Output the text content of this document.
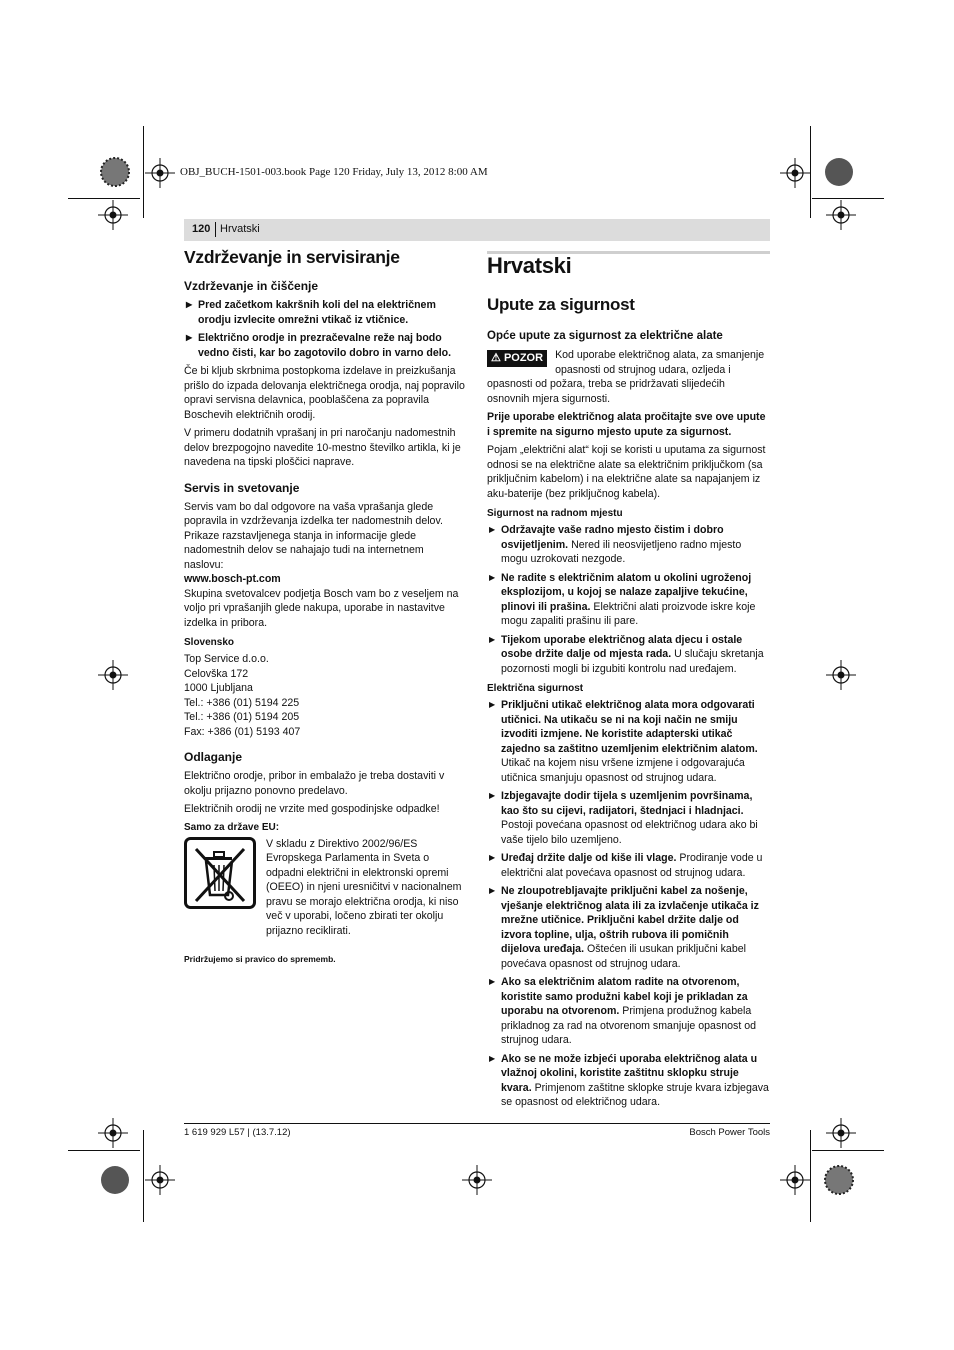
OBJ_BUCH-1501-003.book Page 120 Friday, July 13, 2012 8:00 AM
120 Hrvatski
Vzdrževanje in servisiranje
Vzdrževanje in čiščenje
▶ Pred začetkom kakršnih koli del na električnem orodju izvlecite omrežni vtikač iz vtičnice.
▶ Električno orodje in prezračevalne reže naj bodo vedno čisti, kar bo zagotovilo dobro in varno delo.

Če bi kljub skrbnima postopkoma izdelave in preizkušanja prišlo do izpada delovanja električnega orodja, naj popravilo opravi servisna delavnica, pooblaščena za popravila Boschevih električnih orodij.

V primeru dodatnih vprašanj in pri naročanju nadomestnih delov brezpogojno navedite 10-mestno številko artikla, ki je navedena na tipski ploščici naprave.

Servis in svetovanje

Servis vam bo dal odgovore na vaša vprašanja glede popravila in vzdrževanja izdelka ter nadomestnih delov. Prikaze razstavljenega stanja in informacije glede nadomestnih delov se nahajajo tudi na internetnem naslovu:

www.bosch-pt.com

Skupina svetovalcev podjetja Bosch vam bo z veseljem na voljo pri vprašanjih glede nakupa, uporabe in nastavitve izdelka in pribora.

Slovensko
Top Service d.o.o.
Celovška 172
1000 Ljubljana
Tel.: +386 (01) 5194 225
Tel.: +386 (01) 5194 205
Fax: +386 (01) 5193 407
Odlaganje

Električno orodje, pribor in embalažo je treba dostaviti v okolju prijazno ponovno predelavo.

Električnih orodij ne vrzite med gospodinjske odpadke!

Samo za države EU:
V skladu z Direktivo 2002/96/ES Evropskega Parlamenta in Sveta o odpadni električni in elektronski opremi (OEEO) in njeni uresničitvi v nacionalnem pravu se morajo električna orodja, ki niso več v uporabi, ločeno zbirati ter okolju prijazno reciklirati.
Pridržujemo si pravico do sprememb.
Hrvatski
Upute za sigurnost
Opće upute za sigurnost za električne alate
⚠ POZOR	Kod uporabe električnog alata, za smanjenje opasnosti od strujnog udara, ozljeda i opasnosti od požara, treba se pridržavati slijedećih osnovnih mjera sigurnosti.

Prije uporabe električnog alata pročitajte sve ove upute i spremite na sigurno mjesto upute za sigurnost.

Pojam „električni alat“ koji se koristi u uputama za sigurnost odnosi se na električne alate sa električnim priključkom (sa priključnim kabelom) i na električne alate sa napajanjem iz aku-baterije (bez priključnog kabela).

Sigurnost na radnom mjestu
▶ Održavajte vaše radno mjesto čistim i dobro osvijetljenim. Nered ili neosvijetljeno radno mjesto mogu uzrokovati nezgode.
▶ Ne radite s električnim alatom u okolini ugroženoj eksplozijom, u kojoj se nalaze zapaljive tekućine, plinovi ili prašina. Električni alati proizvode iskre koje mogu zapaliti prašinu ili pare.
▶ Tijekom uporabe električnog alata djecu i ostale osobe držite dalje od mjesta rada. U slučaju skretanja pozornosti mogli bi izgubiti kontrolu nad uređajem.
Električna sigurnost
▶ Priključni utikač električnog alata mora odgovarati utičnici. Na utikaču se ni na koji način ne smiju izvoditi izmjene. Ne koristite adapterski utikač zajedno sa zaštitno uzemljenim električnim alatom. Utikač na kojem nisu vršene izmjene i odgovarajuća utičnica smanjuju opasnost od strujnog udara.
▶ Izbjegavajte dodir tijela s uzemljenim površinama, kao što su cijevi, radijatori, štednjaci i hladnjaci. Postoji povećana opasnost od električnog udara ako bi vaše tijelo bilo uzemljeno.
▶ Uređaj držite dalje od kiše ili vlage. Prodiranje vode u električni alat povećava opasnost od strujnog udara.
▶ Ne zloupotrebljavajte priključni kabel za nošenje, vješanje električnog alata ili za izvlačenje utikača iz mrežne utičnice. Priključni kabel držite dalje od izvora topline, ulja, oštrih rubova ili pomičnih dijelova uređaja. Oštećen ili usukan priključni kabel povećava opasnost od strujnog udara.
▶ Ako sa električnim alatom radite na otvorenom, koristite samo produžni kabel koji je prikladan za uporabu na otvorenom. Primjena produžnog kabela prikladnog za rad na otvorenom smanjuje opasnost od strujnog udara.
▶ Ako se ne može izbjeći uporaba električnog alata u vlažnoj okolini, koristite zaštitnu sklopku struje kvara. Primjenom zaštitne sklopke struje kvara izbjegava se opasnost od električnog udara.
1 619 929 L57 | (13.7.12)	Bosch Power Tools
